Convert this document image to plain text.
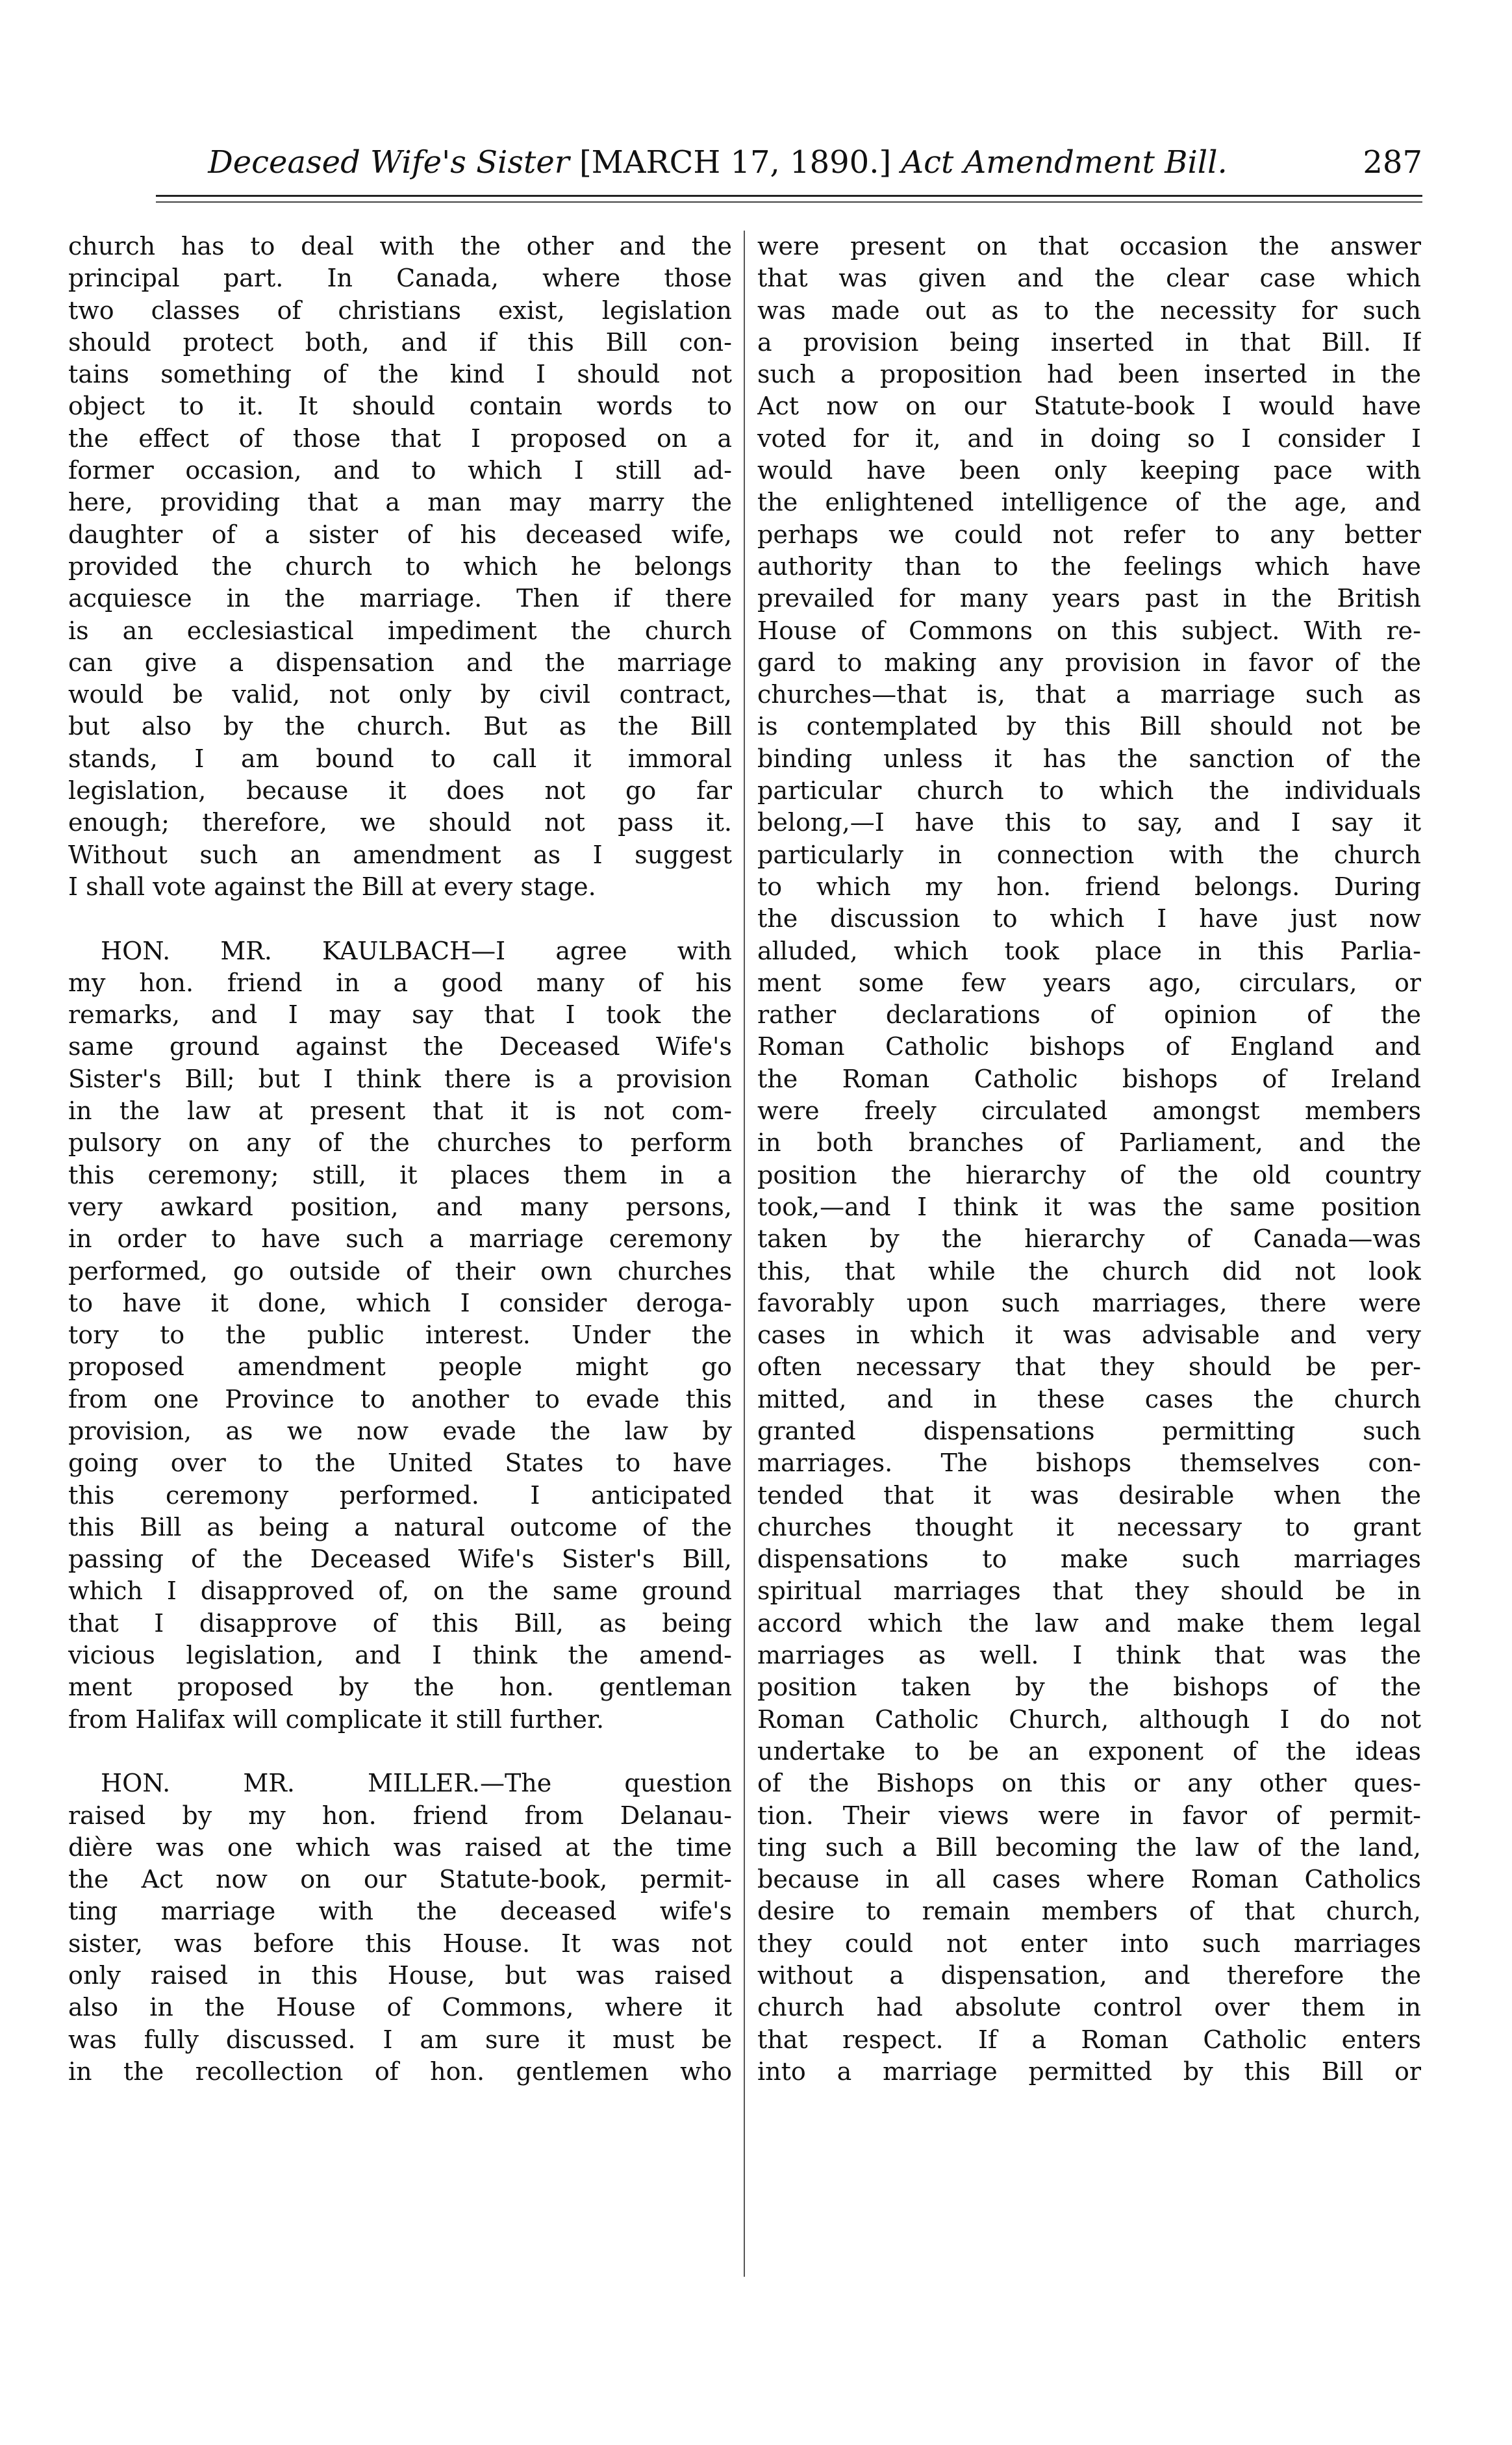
Deceased Wife's Sister [MARCH 17, 1890.] Act Amendment Bill.	287
church has to deal with the other and the
principal part. In Canada, where those
two classes of christians exist, legislation
should protect both, and if this Bill con-
tains something of the kind I should not
object to it. It should contain words to
the effect of those that I proposed on a
former occasion, and to which I still ad-
here, providing that a man may marry the
daughter of a sister of his deceased wife,
provided the church to which he belongs
acquiesce in the marriage. Then if there
is an ecclesiastical impediment the church
can give a dispensation and the marriage
would be valid, not only by civil contract,
but also by the church. But as the Bill
stands, I am bound to call it immoral
legislation, because it does not go far
enough; therefore, we should not pass it.
Without such an amendment as I suggest
I shall vote against the Bill at every stage.
HON. MR. KAULBACH—I agree with
my hon. friend in a good many of his
remarks, and I may say that I took the
same ground against the Deceased Wife's
Sister's Bill; but I think there is a provision
in the law at present that it is not com-
pulsory on any of the churches to perform
this ceremony; still, it places them in a
very awkard position, and many persons,
in order to have such a marriage ceremony
performed, go outside of their own churches
to have it done, which I consider deroga-
tory to the public interest. Under the
proposed amendment people might go
from one Province to another to evade this
provision, as we now evade the law by
going over to the United States to have
this ceremony performed. I anticipated
this Bill as being a natural outcome of the
passing of the Deceased Wife's Sister's Bill,
which I disapproved of, on the same ground
that I disapprove of this Bill, as being
vicious legislation, and I think the amend-
ment proposed by the hon. gentleman
from Halifax will complicate it still further.
HON. MR. MILLER.—The question
raised by my hon. friend from Delanau-
dière was one which was raised at the time
the Act now on our Statute-book, permit-
ting marriage with the deceased wife's
sister, was before this House. It was not
only raised in this House, but was raised
also in the House of Commons, where it
was fully discussed. I am sure it must be
in the recollection of hon. gentlemen who
were present on that occasion the answer
that was given and the clear case which
was made out as to the necessity for such
a provision being inserted in that Bill. If
such a proposition had been inserted in the
Act now on our Statute-book I would have
voted for it, and in doing so I consider I
would have been only keeping pace with
the enlightened intelligence of the age, and
perhaps we could not refer to any better
authority than to the feelings which have
prevailed for many years past in the British
House of Commons on this subject. With re-
gard to making any provision in favor of the
churches—that is, that a marriage such as
is contemplated by this Bill should not be
binding unless it has the sanction of the
particular church to which the individuals
belong,—I have this to say, and I say it
particularly in connection with the church
to which my hon. friend belongs. During
the discussion to which I have just now
alluded, which took place in this Parlia-
ment some few years ago, circulars, or
rather declarations of opinion of the
Roman Catholic bishops of England and
the Roman Catholic bishops of Ireland
were freely circulated amongst members
in both branches of Parliament, and the
position the hierarchy of the old country
took,—and I think it was the same position
taken by the hierarchy of Canada—was
this, that while the church did not look
favorably upon such marriages, there were
cases in which it was advisable and very
often necessary that they should be per-
mitted, and in these cases the church
granted dispensations permitting such
marriages. The bishops themselves con-
tended that it was desirable when the
churches thought it necessary to grant
dispensations to make such marriages
spiritual marriages that they should be in
accord which the law and make them legal
marriages as well. I think that was the
position taken by the bishops of the
Roman Catholic Church, although I do not
undertake to be an exponent of the ideas
of the Bishops on this or any other ques-
tion. Their views were in favor of permit-
ting such a Bill becoming the law of the land,
because in all cases where Roman Catholics
desire to remain members of that church,
they could not enter into such marriages
without a dispensation, and therefore the
church had absolute control over them in
that respect. If a Roman Catholic enters
into a marriage permitted by this Bill or
